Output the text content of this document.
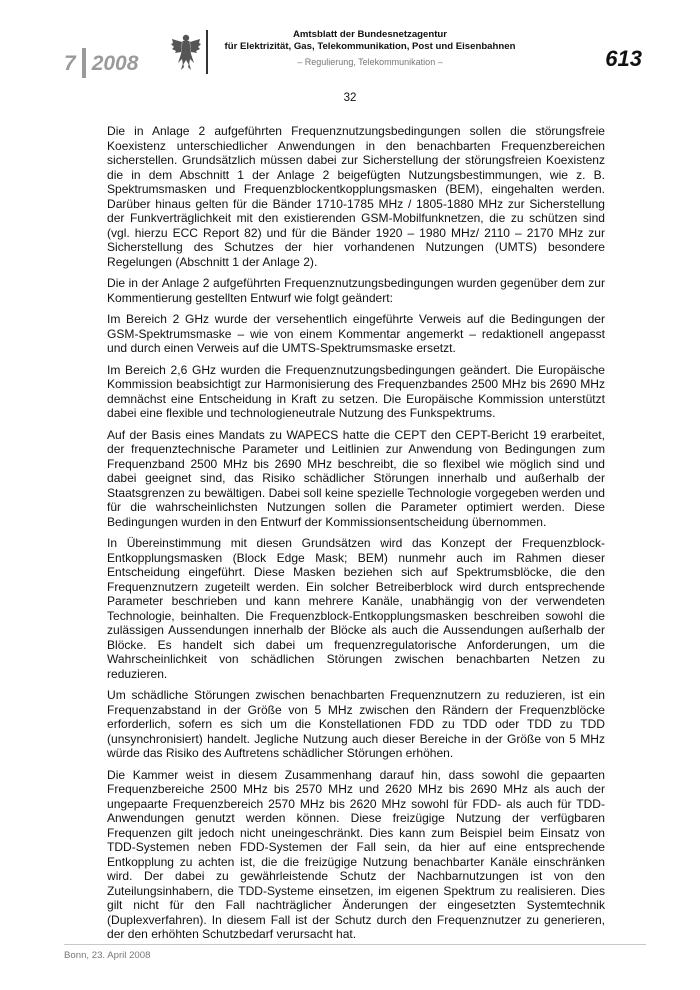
7 2008
Amtsblatt der Bundesnetzagentur
für Elektrizität, Gas, Telekommunikation, Post und Eisenbahnen
– Regulierung, Telekommunikation –	613
32

Die in Anlage 2 aufgeführten Frequenznutzungsbedingungen sollen die störungsfreie Koexistenz unterschiedlicher Anwendungen in den benachbarten Frequenzbereichen sicherstellen. Grundsätzlich müssen dabei zur Sicherstellung der störungsfreien Koexistenz die in dem Abschnitt 1 der Anlage 2 beigefügten Nutzungsbestimmungen, wie z. B. Spektrumsmasken und Frequenzblockentkopplungsmasken (BEM), eingehalten werden. Darüber hinaus gelten für die Bänder 1710-1785 MHz / 1805-1880 MHz zur Sicherstellung der Funkverträglichkeit mit den existierenden GSM-Mobilfunknetzen, die zu schützen sind (vgl. hierzu ECC Report 82) und für die Bänder 1920 – 1980 MHz/ 2110 – 2170 MHz zur Sicherstellung des Schutzes der hier vorhandenen Nutzungen (UMTS) besondere Regelungen (Abschnitt 1 der Anlage 2).

Die in der Anlage 2 aufgeführten Frequenznutzungsbedingungen wurden gegenüber dem zur Kommentierung gestellten Entwurf wie folgt geändert:

Im Bereich 2 GHz wurde der versehentlich eingeführte Verweis auf die Bedingungen der GSM-Spektrumsmaske – wie von einem Kommentar angemerkt – redaktionell angepasst und durch einen Verweis auf die UMTS-Spektrumsmaske ersetzt.

Im Bereich 2,6 GHz wurden die Frequenznutzungsbedingungen geändert. Die Europäische Kommission beabsichtigt zur Harmonisierung des Frequenzbandes 2500 MHz bis 2690 MHz demnächst eine Entscheidung in Kraft zu setzen. Die Europäische Kommission unterstützt dabei eine flexible und technologieneutrale Nutzung des Funkspektrums.

Auf der Basis eines Mandats zu WAPECS hatte die CEPT den CEPT-Bericht 19 erarbeitet, der frequenztechnische Parameter und Leitlinien zur Anwendung von Bedingungen zum Frequenzband 2500 MHz bis 2690 MHz beschreibt, die so flexibel wie möglich sind und dabei geeignet sind, das Risiko schädlicher Störungen innerhalb und außerhalb der Staatsgrenzen zu bewältigen. Dabei soll keine spezielle Technologie vorgegeben werden und für die wahrscheinlichsten Nutzungen sollen die Parameter optimiert werden. Diese Bedingungen wurden in den Entwurf der Kommissionsentscheidung übernommen.

In Übereinstimmung mit diesen Grundsätzen wird das Konzept der Frequenzblock-Entkopplungsmasken (Block Edge Mask; BEM) nunmehr auch im Rahmen dieser Entscheidung eingeführt. Diese Masken beziehen sich auf Spektrumsblöcke, die den Frequenznutzern zugeteilt werden. Ein solcher Betreiberblock wird durch entsprechende Parameter beschrieben und kann mehrere Kanäle, unabhängig von der verwendeten Technologie, beinhalten. Die Frequenzblock-Entkopplungsmasken beschreiben sowohl die zulässigen Aussendungen innerhalb der Blöcke als auch die Aussendungen außerhalb der Blöcke. Es handelt sich dabei um frequenzregulatorische Anforderungen, um die Wahrscheinlichkeit von schädlichen Störungen zwischen benachbarten Netzen zu reduzieren.

Um schädliche Störungen zwischen benachbarten Frequenznutzern zu reduzieren, ist ein Frequenzabstand in der Größe von 5 MHz zwischen den Rändern der Frequenzblöcke erforderlich, sofern es sich um die Konstellationen FDD zu TDD oder TDD zu TDD (unsynchronisiert) handelt. Jegliche Nutzung auch dieser Bereiche in der Größe von 5 MHz würde das Risiko des Auftretens schädlicher Störungen erhöhen.

Die Kammer weist in diesem Zusammenhang darauf hin, dass sowohl die gepaarten Frequenzbereiche 2500 MHz bis 2570 MHz und 2620 MHz bis 2690 MHz als auch der ungepaarte Frequenzbereich 2570 MHz bis 2620 MHz sowohl für FDD- als auch für TDD-Anwendungen genutzt werden können. Diese freizügige Nutzung der verfügbaren Frequenzen gilt jedoch nicht uneingeschränkt. Dies kann zum Beispiel beim Einsatz von TDD-Systemen neben FDD-Systemen der Fall sein, da hier auf eine entsprechende Entkopplung zu achten ist, die die freizügige Nutzung benachbarter Kanäle einschränken wird. Der dabei zu gewährleistende Schutz der Nachbarnutzungen ist von den Zuteilungsinhabern, die TDD-Systeme einsetzen, im eigenen Spektrum zu realisieren. Dies gilt nicht für den Fall nachträglicher Änderungen der eingesetzten Systemtechnik (Duplexverfahren). In diesem Fall ist der Schutz durch den Frequenznutzer zu generieren, der den erhöhten Schutzbedarf verursacht hat.

Bonn, 23. April 2008
